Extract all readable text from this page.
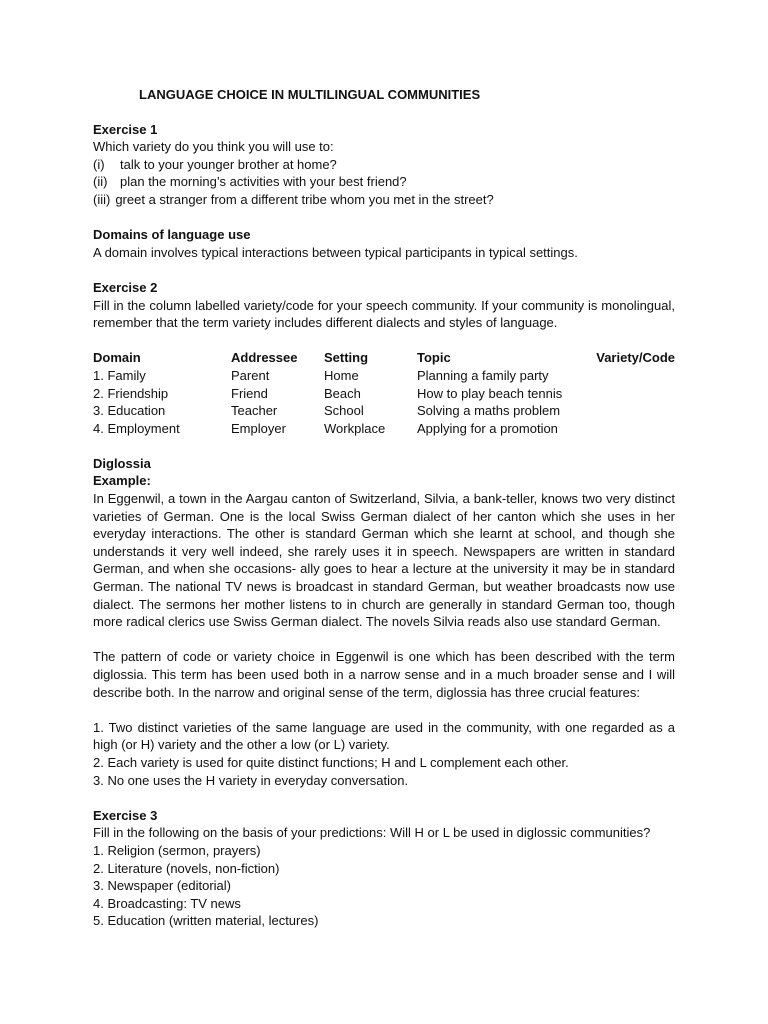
LANGUAGE CHOICE IN MULTILINGUAL COMMUNITIES
Exercise 1
Which variety do you think you will use to:
(i)	talk to your younger brother at home?
(ii) plan the morning’s activities with your best friend?
(iii) greet a stranger from a different tribe whom you met in the street?
Domains of language use
A domain involves typical interactions between typical participants in typical settings.
Exercise 2
Fill in the column labelled variety/code for your speech community. If your community is monolingual, remember that the term variety includes different dialects and styles of language.
Domain	Addressee	Setting	Topic	Variety/Code
1. Family	Parent	Home	Planning a family party	
2. Friendship	Friend	Beach	How to play beach tennis	
3. Education	Teacher	School	Solving a maths problem	
4. Employment	Employer	Workplace	Applying for a promotion	
Diglossia
Example:
In Eggenwil, a town in the Aargau canton of Switzerland, Silvia, a bank-teller, knows two very distinct varieties of German. One is the local Swiss German dialect of her canton which she uses in her everyday interactions. The other is standard German which she learnt at school, and though she understands it very well indeed, she rarely uses it in speech. Newspapers are written in standard German, and when she occasions- ally goes to hear a lecture at the university it may be in standard German. The national TV news is broadcast in standard German, but weather broadcasts now use dialect. The sermons her mother listens to in church are generally in standard German too, though more radical clerics use Swiss German dialect. The novels Silvia reads also use standard German.
The pattern of code or variety choice in Eggenwil is one which has been described with the term diglossia. This term has been used both in a narrow sense and in a much broader sense and I will describe both. In the narrow and original sense of the term, diglossia has three crucial features:
1. Two distinct varieties of the same language are used in the community, with one regarded as a high (or H) variety and the other a low (or L) variety.
2. Each variety is used for quite distinct functions; H and L complement each other.
3. No one uses the H variety in everyday conversation.
Exercise 3
Fill in the following on the basis of your predictions: Will H or L be used in diglossic communities?
1. Religion (sermon, prayers)
2. Literature (novels, non-fiction)
3. Newspaper (editorial)
4. Broadcasting: TV news
5. Education (written material, lectures)
